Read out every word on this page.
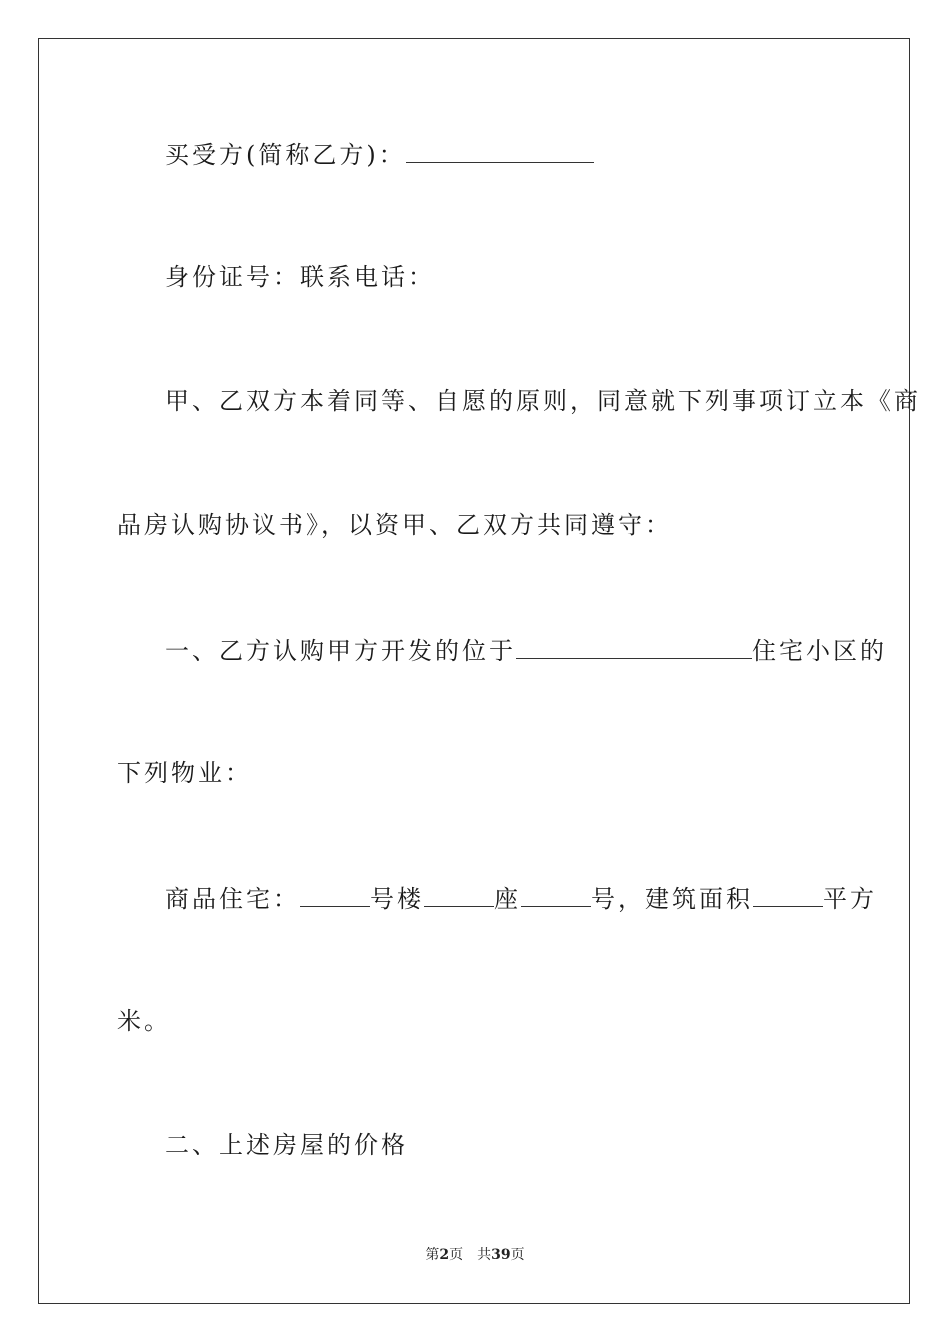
买受方(简称乙方)：
身份证号：联系电话：
甲、乙双方本着同等、自愿的原则，同意就下列事项订立本《商
品房认购协议书》，以资甲、乙双方共同遵守：
一、乙方认购甲方开发的位于	住宅小区的
下列物业：
商品住宅：	号楼	座	号，建筑面积	平方
米。
二、上述房屋的价格
第2页 共39页
